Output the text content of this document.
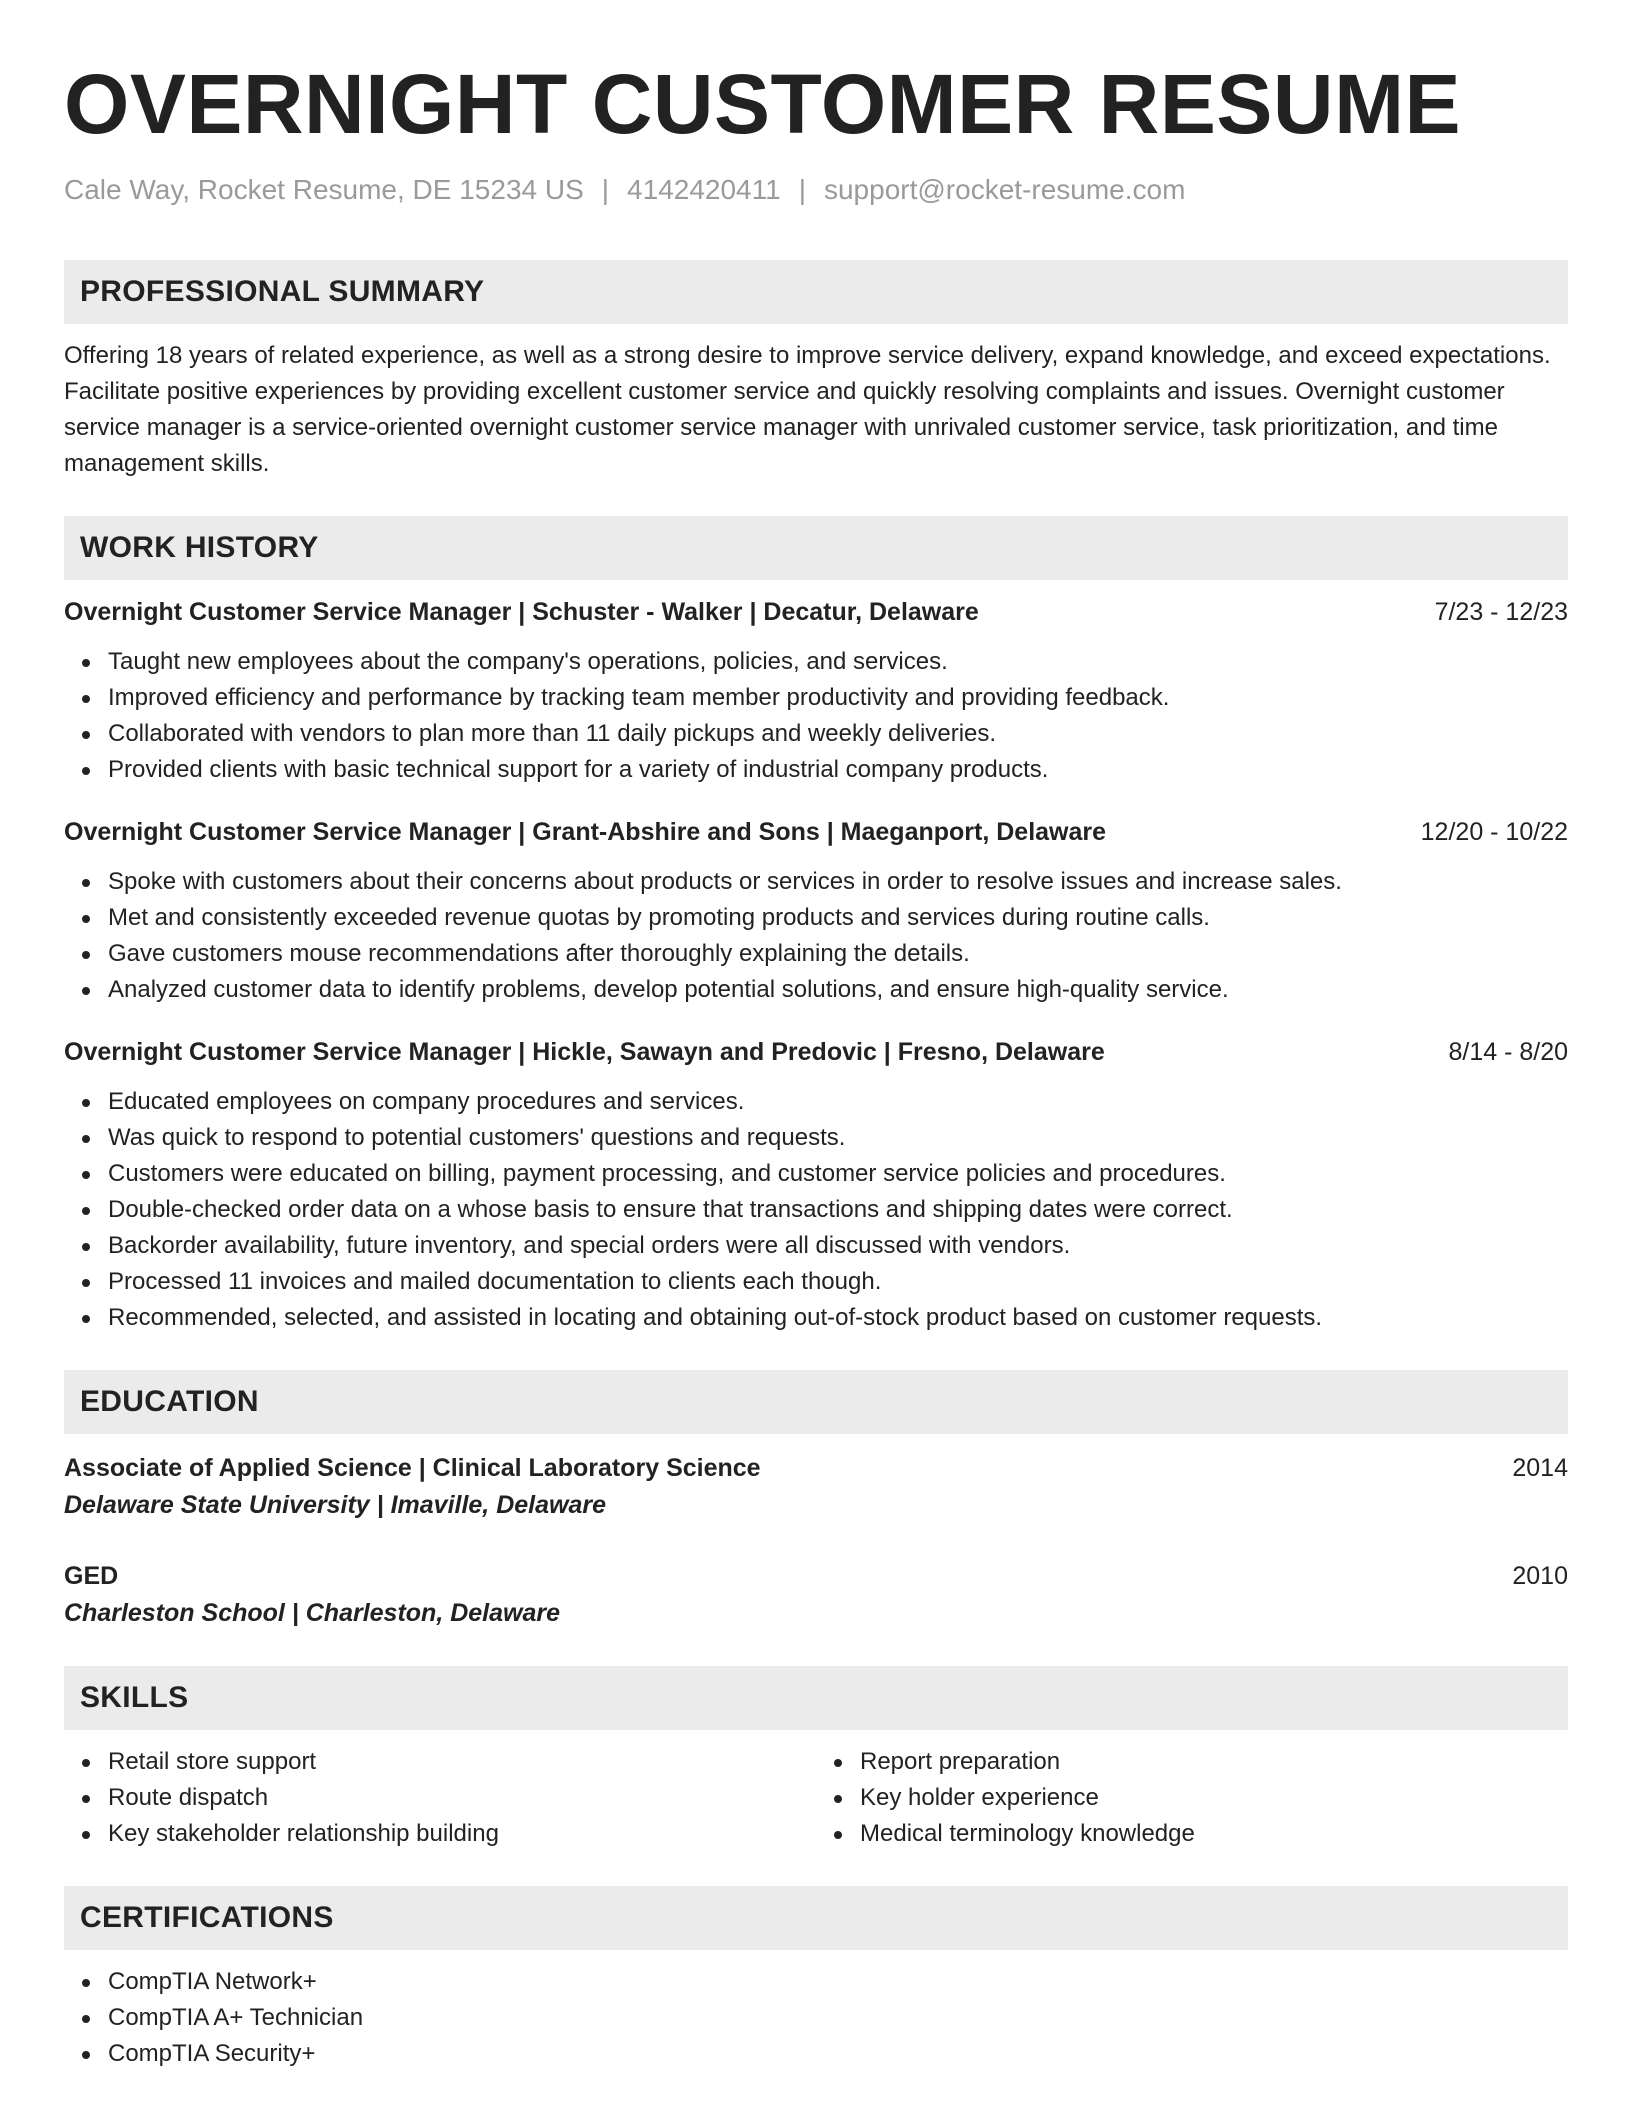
OVERNIGHT CUSTOMER RESUME
Cale Way, Rocket Resume, DE 15234 US | 4142420411 | support@rocket-resume.com
PROFESSIONAL SUMMARY

Offering 18 years of related experience, as well as a strong desire to improve service delivery, expand knowledge, and exceed expectations. Facilitate positive experiences by providing excellent customer service and quickly resolving complaints and issues. Overnight customer service manager is a service-oriented overnight customer service manager with unrivaled customer service, task prioritization, and time management skills.

WORK HISTORY
Overnight Customer Service Manager | Schuster - Walker | Decatur, Delaware	7/23 - 12/23
Taught new employees about the company's operations, policies, and services.
Improved efficiency and performance by tracking team member productivity and providing feedback.
Collaborated with vendors to plan more than 11 daily pickups and weekly deliveries.
Provided clients with basic technical support for a variety of industrial company products.
Overnight Customer Service Manager | Grant-Abshire and Sons | Maeganport, Delaware	12/20 - 10/22
Spoke with customers about their concerns about products or services in order to resolve issues and increase sales.
Met and consistently exceeded revenue quotas by promoting products and services during routine calls.
Gave customers mouse recommendations after thoroughly explaining the details.
Analyzed customer data to identify problems, develop potential solutions, and ensure high-quality service.
Overnight Customer Service Manager | Hickle, Sawayn and Predovic | Fresno, Delaware	8/14 - 8/20
Educated employees on company procedures and services.
Was quick to respond to potential customers' questions and requests.
Customers were educated on billing, payment processing, and customer service policies and procedures.
Double-checked order data on a whose basis to ensure that transactions and shipping dates were correct.
Backorder availability, future inventory, and special orders were all discussed with vendors.
Processed 11 invoices and mailed documentation to clients each though.
Recommended, selected, and assisted in locating and obtaining out-of-stock product based on customer requests.
EDUCATION
Associate of Applied Science | Clinical Laboratory Science	2014
Delaware State University | Imaville, Delaware
GED	2010
Charleston School | Charleston, Delaware
SKILLS
Retail store support
Route dispatch
Key stakeholder relationship building
Report preparation
Key holder experience
Medical terminology knowledge
CERTIFICATIONS
CompTIA Network+
CompTIA A+ Technician
CompTIA Security+
